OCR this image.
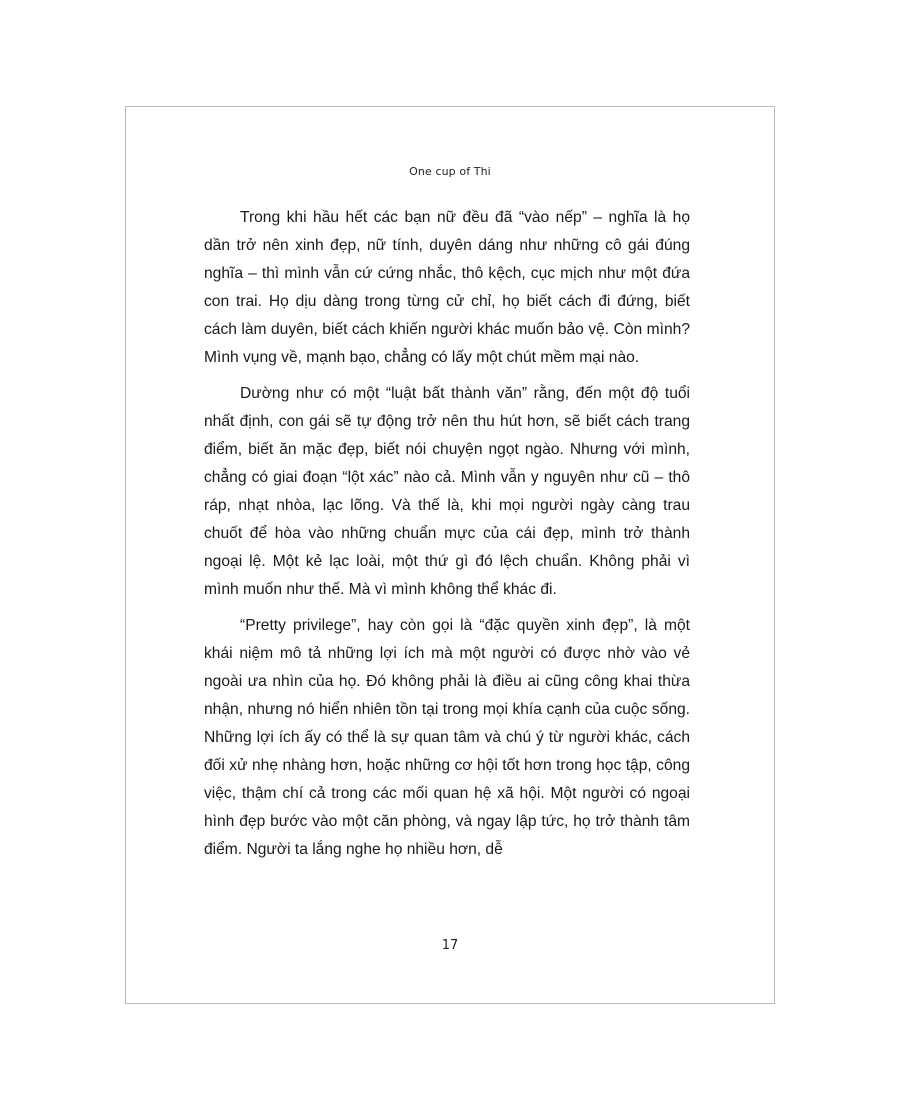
One cup of Thi

Trong khi hầu hết các bạn nữ đều đã “vào nếp” – nghĩa là họ dần trở nên xinh đẹp, nữ tính, duyên dáng như những cô gái đúng nghĩa – thì mình vẫn cứ cứng nhắc, thô kệch, cục mịch như một đứa con trai. Họ dịu dàng trong từng cử chỉ, họ biết cách đi đứng, biết cách làm duyên, biết cách khiến người khác muốn bảo vệ. Còn mình? Mình vụng về, mạnh bạo, chẳng có lấy một chút mềm mại nào.

Dường như có một “luật bất thành văn” rằng, đến một độ tuổi nhất định, con gái sẽ tự động trở nên thu hút hơn, sẽ biết cách trang điểm, biết ăn mặc đẹp, biết nói chuyện ngọt ngào. Nhưng với mình, chẳng có giai đoạn “lột xác” nào cả. Mình vẫn y nguyên như cũ – thô ráp, nhạt nhòa, lạc lõng. Và thế là, khi mọi người ngày càng trau chuốt để hòa vào những chuẩn mực của cái đẹp, mình trở thành ngoại lệ. Một kẻ lạc loài, một thứ gì đó lệch chuẩn. Không phải vì mình muốn như thế. Mà vì mình không thể khác đi.

“Pretty privilege”, hay còn gọi là “đặc quyền xinh đẹp”, là một khái niệm mô tả những lợi ích mà một người có được nhờ vào vẻ ngoài ưa nhìn của họ. Đó không phải là điều ai cũng công khai thừa nhận, nhưng nó hiển nhiên tồn tại trong mọi khía cạnh của cuộc sống. Những lợi ích ấy có thể là sự quan tâm và chú ý từ người khác, cách đối xử nhẹ nhàng hơn, hoặc những cơ hội tốt hơn trong học tập, công việc, thậm chí cả trong các mối quan hệ xã hội. Một người có ngoại hình đẹp bước vào một căn phòng, và ngay lập tức, họ trở thành tâm điểm. Người ta lắng nghe họ nhiều hơn, dễ

17
